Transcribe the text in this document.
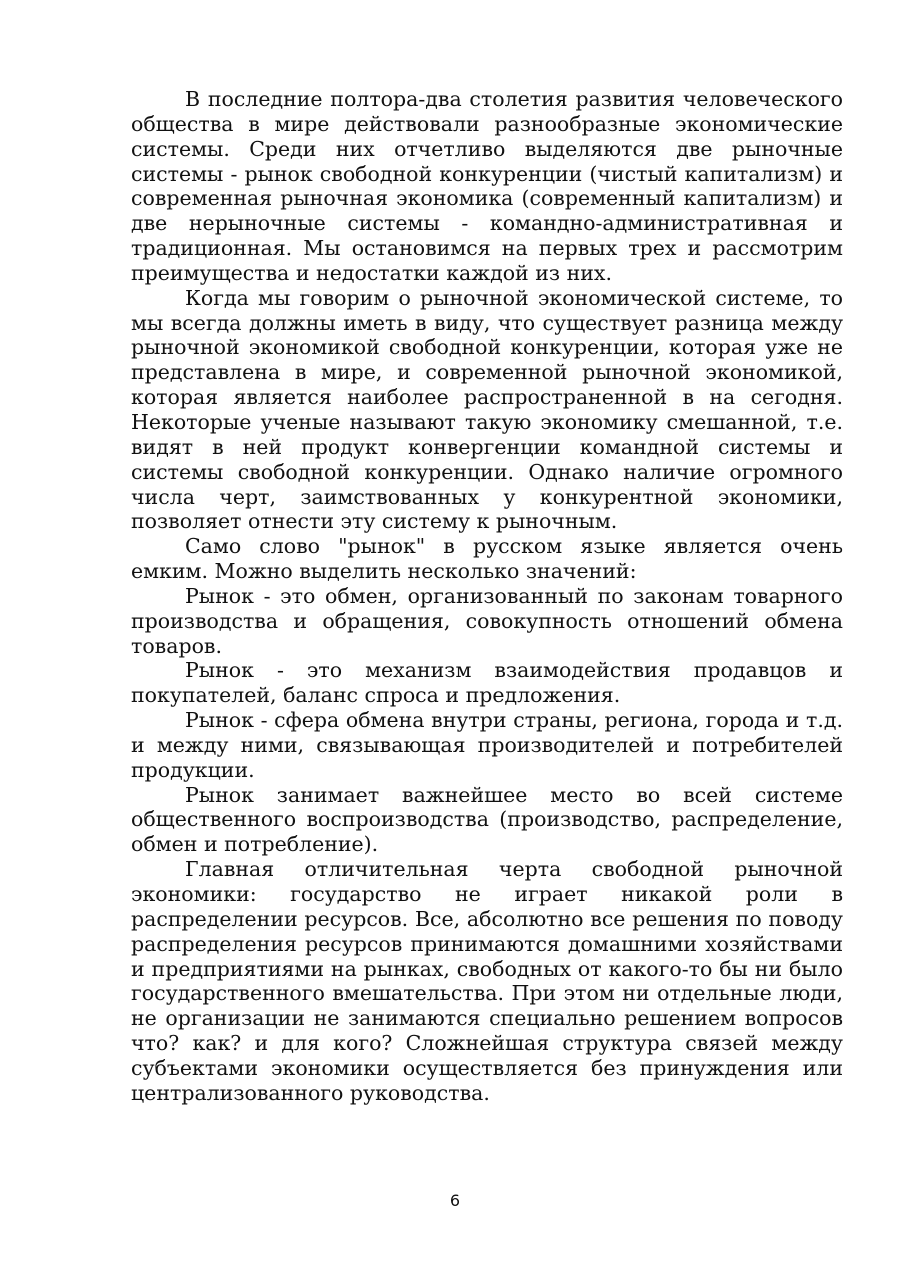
В последние полтора-два столетия развития человеческого общества в мире действовали разнообразные экономические системы. Среди них отчетливо выделяются две рыночные системы - рынок свободной конкуренции (чистый капитализм) и современная рыночная экономика (современный капитализм) и две нерыночные системы - командно-административная и традиционная. Мы остановимся на первых трех и рассмотрим преимущества и недостатки каждой из них.

Когда мы говорим о рыночной экономической системе, то мы всегда должны иметь в виду, что существует разница между рыночной экономикой свободной конкуренции, которая уже не представлена в мире, и современной рыночной экономикой, которая является наиболее распространенной в на сегодня. Некоторые ученые называют такую экономику смешанной, т.е. видят в ней продукт конвергенции командной системы и системы свободной конкуренции. Однако наличие огромного числа черт, заимствованных у конкурентной экономики, позволяет отнести эту систему к рыночным.

Само слово "рынок" в русском языке является очень емким. Можно выделить несколько значений:

Рынок - это обмен, организованный по законам товарного производства и обращения, совокупность отношений обмена товаров.

Рынок - это механизм взаимодействия продавцов и покупателей, баланс спроса и предложения.

Рынок - сфера обмена внутри страны, региона, города и т.д. и между ними, связывающая производителей и потребителей продукции.

Рынок занимает важнейшее место во всей системе общественного воспроизводства (производство, распределение, обмен и потребление).

Главная отличительная черта свободной рыночной экономики: государство не играет никакой роли в распределении ресурсов. Все, абсолютно все решения по поводу распределения ресурсов принимаются домашними хозяйствами и предприятиями на рынках, свободных от какого-то бы ни было государственного вмешательства. При этом ни отдельные люди, не организации не занимаются специально решением вопросов что? как? и для кого? Сложнейшая структура связей между субъектами экономики осуществляется без принуждения или централизованного руководства.

6
